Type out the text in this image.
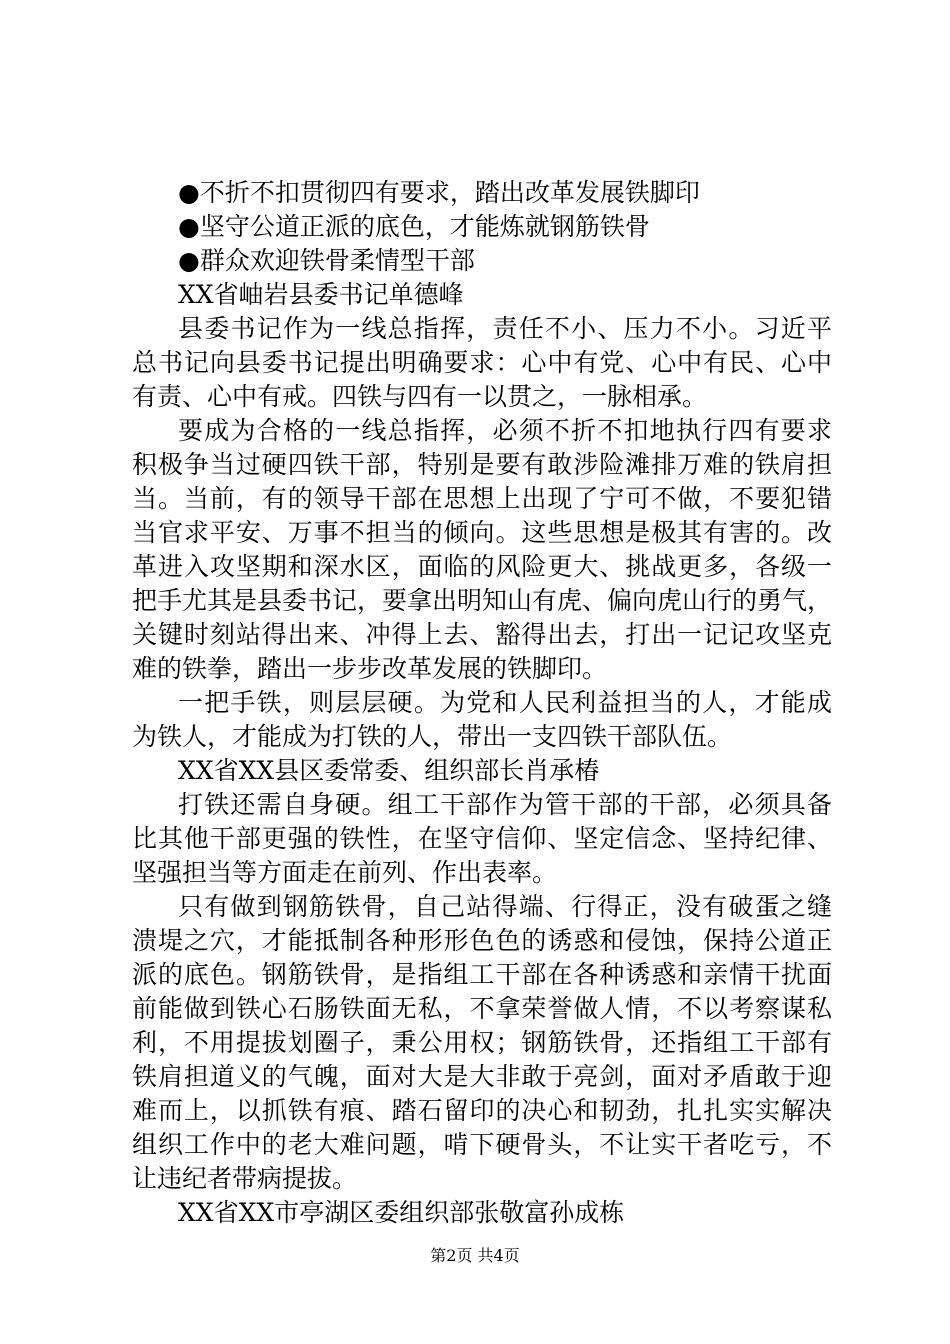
●不折不扣贯彻四有要求，踏出改革发展铁脚印

●坚守公道正派的底色，才能炼就钢筋铁骨

●群众欢迎铁骨柔情型干部

XX省岫岩县委书记单德峰

县委书记作为一线总指挥，责任不小、压力不小。习近平
总书记向县委书记提出明确要求：心中有党、心中有民、心中
有责、心中有戒。四铁与四有一以贯之，一脉相承。
要成为合格的一线总指挥，必须不折不扣地执行四有要求
积极争当过硬四铁干部，特别是要有敢涉险滩排万难的铁肩担
当。当前，有的领导干部在思想上出现了宁可不做，不要犯错
当官求平安、万事不担当的倾向。这些思想是极其有害的。改
革进入攻坚期和深水区，面临的风险更大、挑战更多，各级一
把手尤其是县委书记，要拿出明知山有虎、偏向虎山行的勇气，
关键时刻站得出来、冲得上去、豁得出去，打出一记记攻坚克
难的铁拳，踏出一步步改革发展的铁脚印。
一把手铁，则层层硬。为党和人民利益担当的人，才能成
为铁人，才能成为打铁的人，带出一支四铁干部队伍。

XX省XX县区委常委、组织部长肖承椿

打铁还需自身硬。组工干部作为管干部的干部，必须具备
比其他干部更强的铁性，在坚守信仰、坚定信念、坚持纪律、
坚强担当等方面走在前列、作出表率。
只有做到钢筋铁骨，自己站得端、行得正，没有破蛋之缝
溃堤之穴，才能抵制各种形形色色的诱惑和侵蚀，保持公道正
派的底色。钢筋铁骨，是指组工干部在各种诱惑和亲情干扰面
前能做到铁心石肠铁面无私，不拿荣誉做人情，不以考察谋私
利，不用提拔划圈子，秉公用权；钢筋铁骨，还指组工干部有
铁肩担道义的气魄，面对大是大非敢于亮剑，面对矛盾敢于迎
难而上，以抓铁有痕、踏石留印的决心和韧劲，扎扎实实解决
组织工作中的老大难问题，啃下硬骨头，不让实干者吃亏，不
让违纪者带病提拔。

XX省XX市亭湖区委组织部张敬富孙成栋

第2页 共4页
